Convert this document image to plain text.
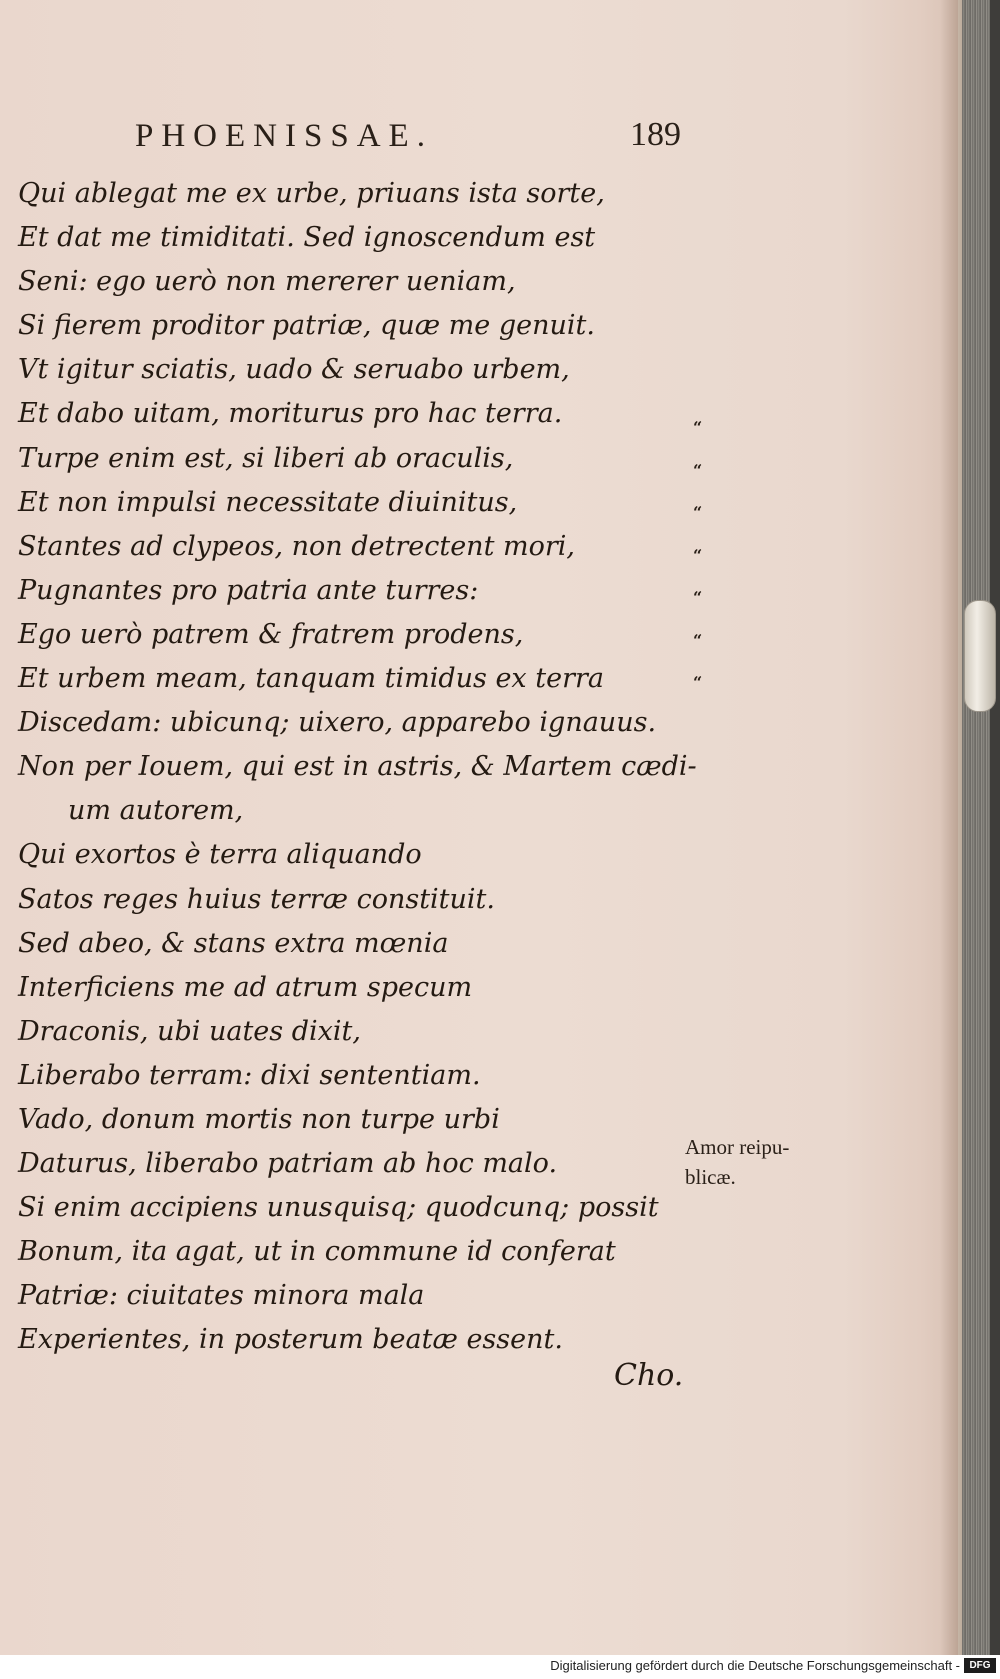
PHOENISSAE.	189
Qui ablegat me ex urbe, priuans ista sorte,
Et dat me timiditati. Sed ignoscendum est
Seni: ego uerò non mererer ueniam,
Si fierem proditor patriæ, quæ me genuit.
Vt igitur sciatis, uado & seruabo urbem,
Et dabo uitam, moriturus pro hac terra.
Turpe enim est, si liberi ab oraculis,
Et non impulsi necessitate diuinitus,
Stantes ad clypeos, non detrectent mori,
Pugnantes pro patria ante turres:
Ego uerò patrem & fratrem prodens,
Et urbem meam, tanquam timidus ex terra
Discedam: ubicunq; uixero, apparebo ignauus.
Non per Iouem, qui est in astris, & Martem cædi-
um autorem,
Qui exortos è terra aliquando
Satos reges huius terræ constituit.
Sed abeo, & stans extra mœnia
Interficiens me ad atrum specum
Draconis, ubi uates dixit,
Liberabo terram: dixi sententiam.
Vado, donum mortis non turpe urbi
Daturus, liberabo patriam ab hoc malo.
Si enim accipiens unusquisq; quodcunq; possit
Bonum, ita agat, ut in commune id conferat
Patriæ: ciuitates minora mala
Experientes, in posterum beatæ essent.
“
“
“
“
“
“
“
Amor reipu-
blicæ.
Cho.
Digitalisierung gefördert durch die Deutsche Forschungsgemeinschaft - DFG
